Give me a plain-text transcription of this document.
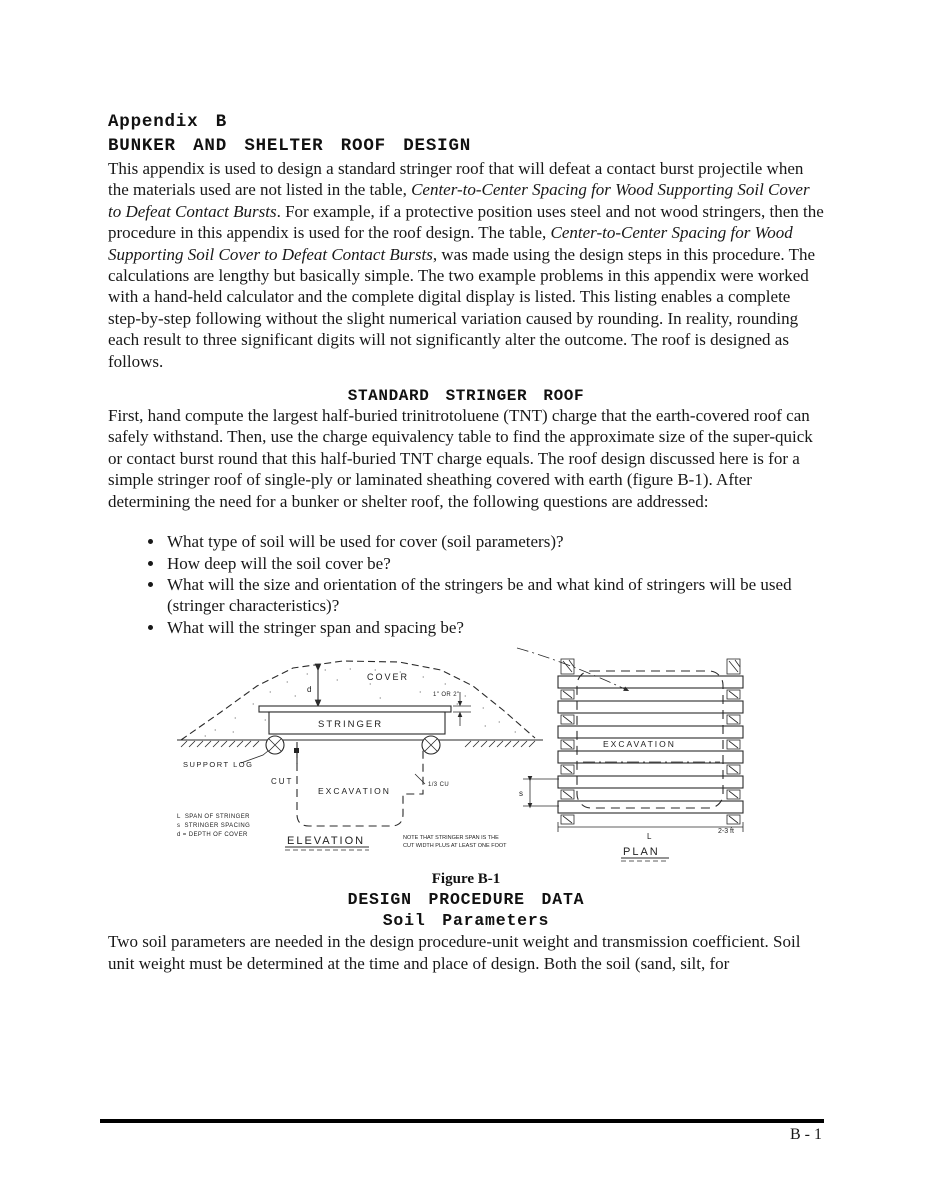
Appendix B
BUNKER AND SHELTER ROOF DESIGN

This appendix is used to design a standard stringer roof that will defeat a contact burst projectile when the materials used are not listed in the table, Center-to-Center Spacing for Wood Supporting Soil Cover to Defeat Contact Bursts. For example, if a protective position uses steel and not wood stringers, then the procedure in this appendix is used for the roof design. The table, Center-to-Center Spacing for Wood Supporting Soil Cover to Defeat Contact Bursts, was made using the design steps in this procedure. The calculations are lengthy but basically simple. The two example problems in this appendix were worked with a hand-held calculator and the complete digital display is listed. This listing enables a complete step-by-step following without the slight numerical variation caused by rounding. In reality, rounding each result to three significant digits will not significantly alter the outcome. The roof is designed as follows.

STANDARD STRINGER ROOF

First, hand compute the largest half-buried trinitrotoluene (TNT) charge that the earth-covered roof can safely withstand. Then, use the charge equivalency table to find the approximate size of the super-quick or contact burst round that this half-buried TNT charge equals. The roof design discussed here is for a simple stringer roof of single-ply or laminated sheathing covered with earth (figure B-1). After determining the need for a bunker or shelter roof, the following questions are addressed:

• What type of soil will be used for cover (soil parameters)?
• How deep will the soil cover be?
• What will the size and orientation of the stringers be and what kind of stringers will be used (stringer characteristics)?
• What will the stringer span and spacing be?
COVER
d
1" OR 2"
STRINGER
SUPPORT LOG
CUT
EXCAVATION
1/3 CU
L  SPAN OF STRINGER
s  STRINGER SPACING
d = DEPTH OF COVER	ELEVATION	NOTE THAT STRINGER SPAN IS THE
CUT WIDTH PLUS AT LEAST ONE FOOT
EXCAVATION
s
L
2-3 ft
PLAN
Figure B-1
DESIGN PROCEDURE DATA
Soil Parameters

Two soil parameters are needed in the design procedure-unit weight and transmission coefficient. Soil unit weight must be determined at the time and place of design. Both the soil (sand, silt, for

B - 1
